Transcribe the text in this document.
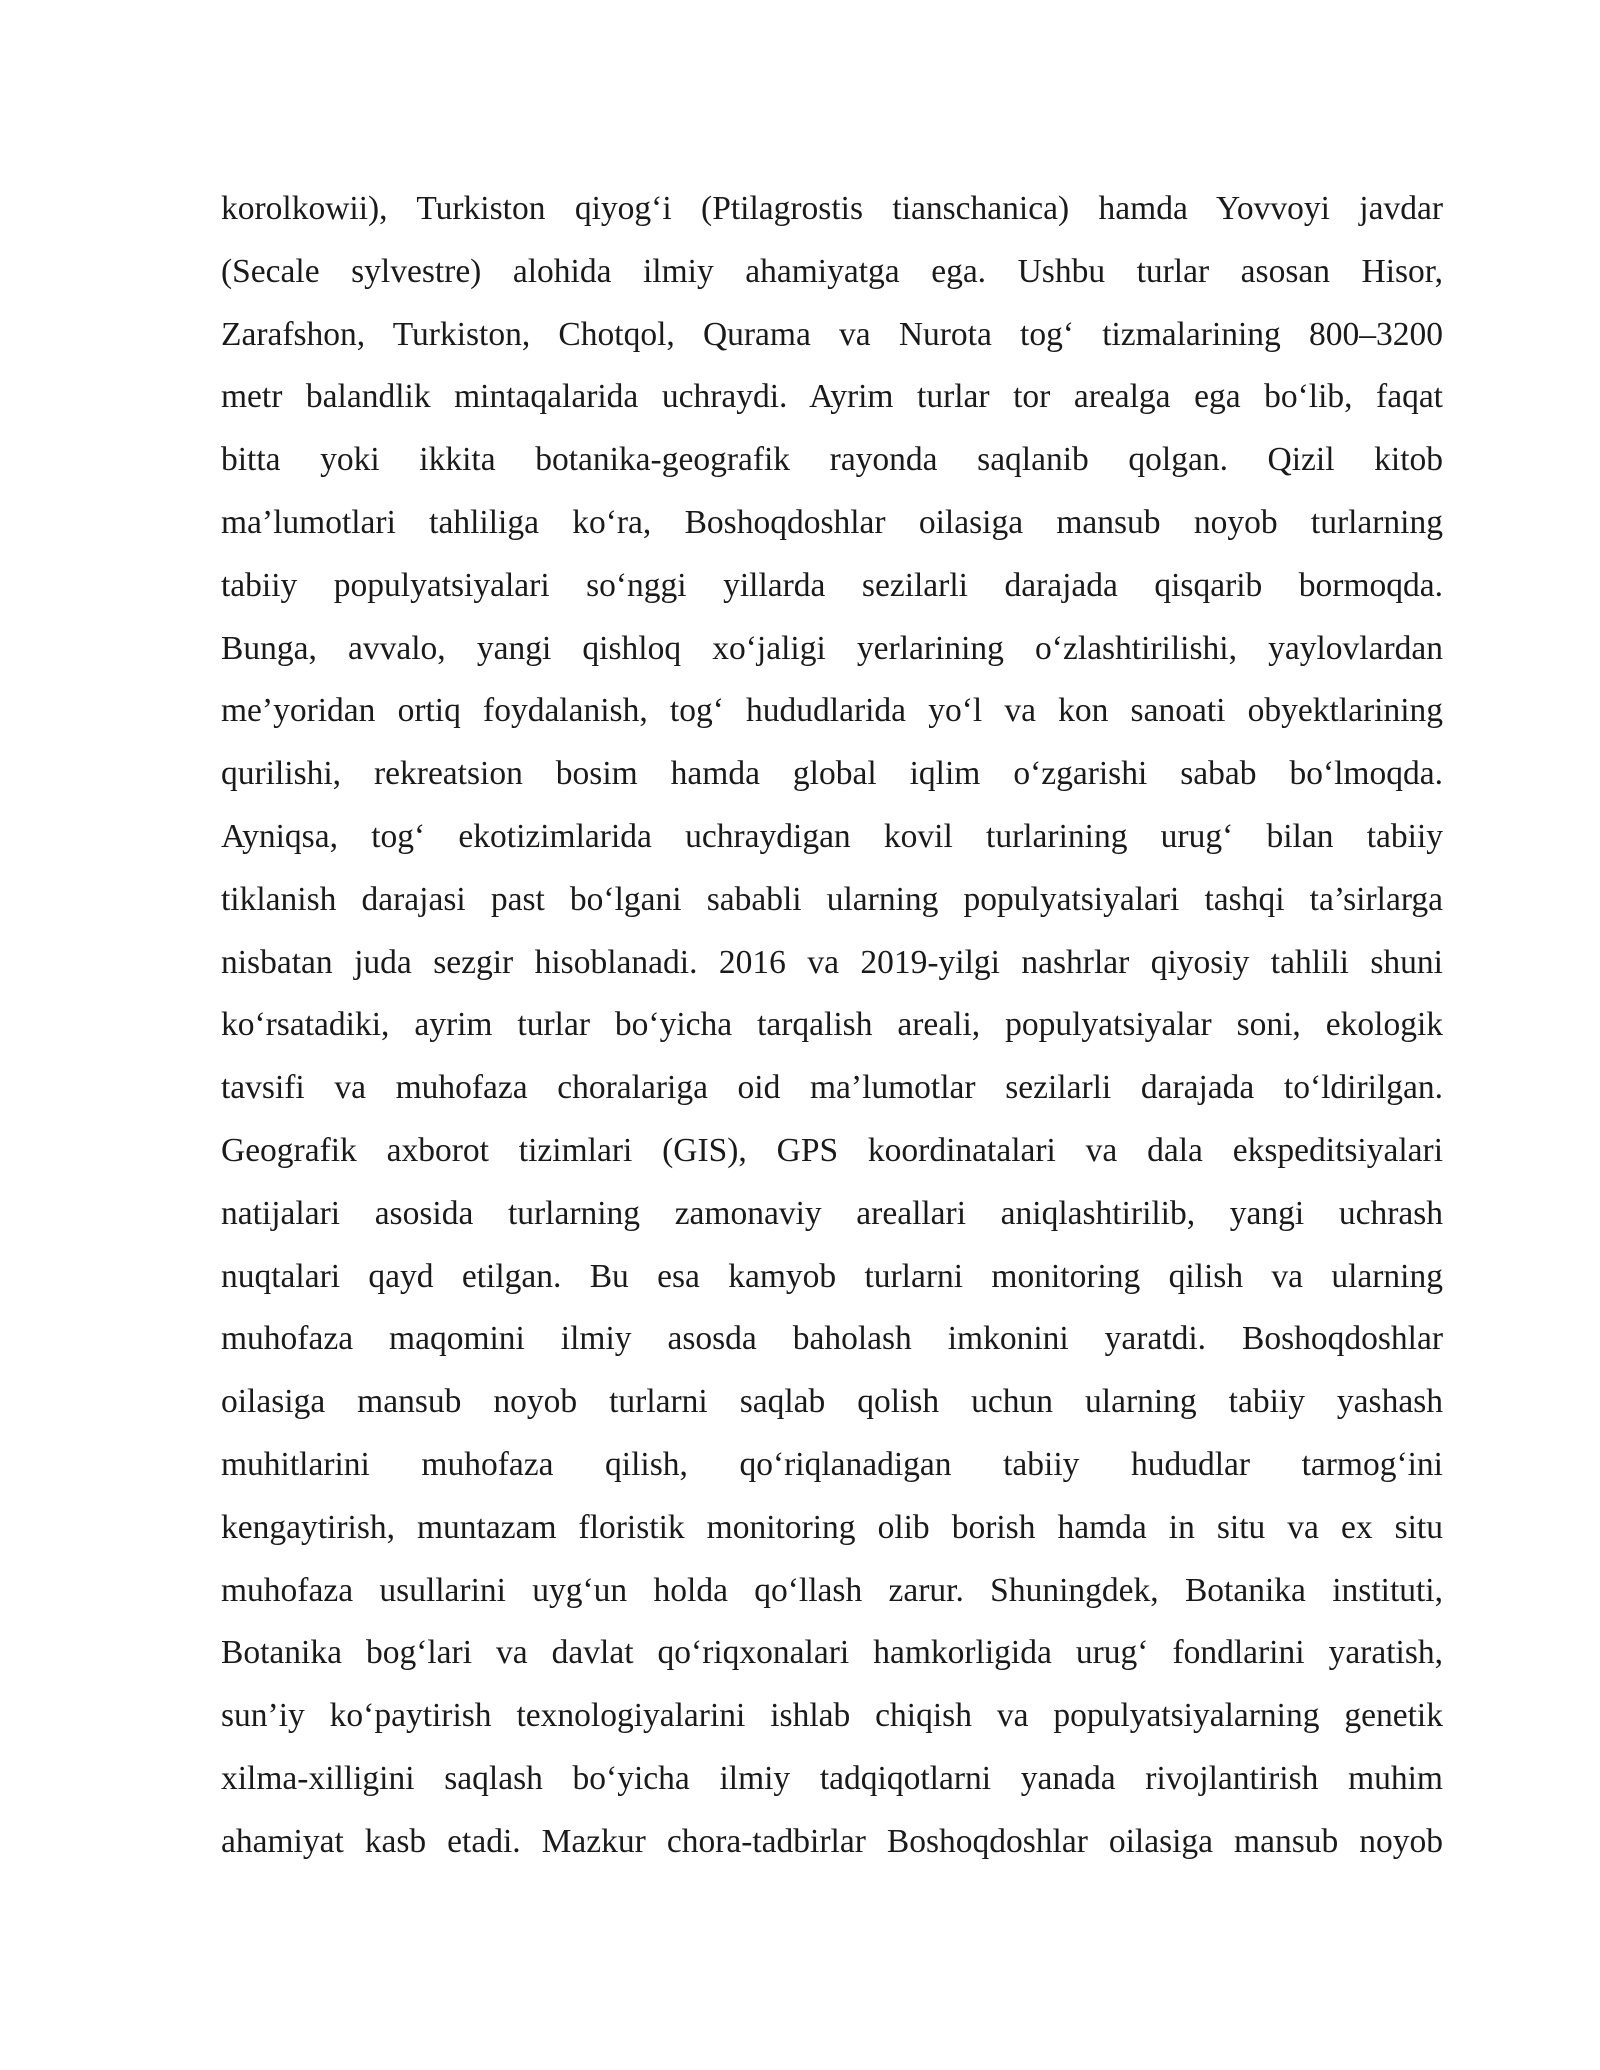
korolkowii), Turkiston qiyog‘i (Ptilagrostis tianschanica) hamda Yovvoyi javdar
(Secale sylvestre) alohida ilmiy ahamiyatga ega. Ushbu turlar asosan Hisor,
Zarafshon, Turkiston, Chotqol, Qurama va Nurota tog‘ tizmalarining 800–3200
metr balandlik mintaqalarida uchraydi. Ayrim turlar tor arealga ega bo‘lib, faqat
bitta yoki ikkita botanika-geografik rayonda saqlanib qolgan. Qizil kitob
ma’lumotlari tahliliga ko‘ra, Boshoqdoshlar oilasiga mansub noyob turlarning
tabiiy populyatsiyalari so‘nggi yillarda sezilarli darajada qisqarib bormoqda.
Bunga, avvalo, yangi qishloq xo‘jaligi yerlarining o‘zlashtirilishi, yaylovlardan
me’yoridan ortiq foydalanish, tog‘ hududlarida yo‘l va kon sanoati obyektlarining
qurilishi, rekreatsion bosim hamda global iqlim o‘zgarishi sabab bo‘lmoqda.
Ayniqsa, tog‘ ekotizimlarida uchraydigan kovil turlarining urug‘ bilan tabiiy
tiklanish darajasi past bo‘lgani sababli ularning populyatsiyalari tashqi ta’sirlarga
nisbatan juda sezgir hisoblanadi. 2016 va 2019-yilgi nashrlar qiyosiy tahlili shuni
ko‘rsatadiki, ayrim turlar bo‘yicha tarqalish areali, populyatsiyalar soni, ekologik
tavsifi va muhofaza choralariga oid ma’lumotlar sezilarli darajada to‘ldirilgan.
Geografik axborot tizimlari (GIS), GPS koordinatalari va dala ekspeditsiyalari
natijalari asosida turlarning zamonaviy areallari aniqlashtirilib, yangi uchrash
nuqtalari qayd etilgan. Bu esa kamyob turlarni monitoring qilish va ularning
muhofaza maqomini ilmiy asosda baholash imkonini yaratdi. Boshoqdoshlar
oilasiga mansub noyob turlarni saqlab qolish uchun ularning tabiiy yashash
muhitlarini muhofaza qilish, qo‘riqlanadigan tabiiy hududlar tarmog‘ini
kengaytirish, muntazam floristik monitoring olib borish hamda in situ va ex situ
muhofaza usullarini uyg‘un holda qo‘llash zarur. Shuningdek, Botanika instituti,
Botanika bog‘lari va davlat qo‘riqxonalari hamkorligida urug‘ fondlarini yaratish,
sun’iy ko‘paytirish texnologiyalarini ishlab chiqish va populyatsiyalarning genetik
xilma-xilligini saqlash bo‘yicha ilmiy tadqiqotlarni yanada rivojlantirish muhim
ahamiyat kasb etadi. Mazkur chora-tadbirlar Boshoqdoshlar oilasiga mansub noyob
